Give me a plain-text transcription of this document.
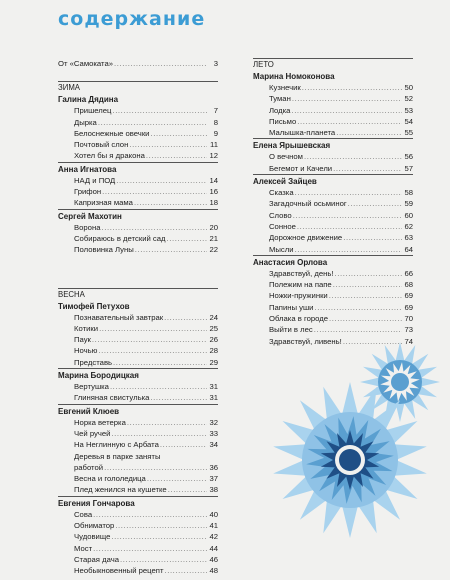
содержание
От «Самоката» .....	3
ЗИМА
Галина Дядина
Пришелец .....	7
Дырка .....	8
Белоснежные овечки .....	9
Почтовый слон .....	11
Хотел бы я дракона .....	12
Анна Игнатова
НАД и ПОД .....	14
Грифон .....	16
Капризная мама .....	18
Сергей Махотин
Ворона .....	20
Собираюсь в детский сад .....	21
Половинка Луны .....	22
ВЕСНА
Тимофей Петухов
Познавательный завтрак .....	24
Котики .....	25
Паук .....	26
Ночью .....	28
Представь .....	29
Марина Бородицкая
Вертушка .....	31
Глиняная свистулька .....	31
Евгений Клюев
Норка ветерка .....	32
Чей ручей .....	33
На Неглинную с Арбата .....	34
Деревья в парке заняты
работой .....	36
Весна и гололедица .....	37
Плед женился на кушетке .....	38
Евгения Гончарова
Сова .....	40
Обниматор .....	41
Чудовище .....	42
Мост .....	44
Старая дача .....	46
Необыкновенный рецепт .....	48
ЛЕТО
Марина Номоконова
Кузнечик .....	50
Туман .....	52
Лодка .....	53
Письмо .....	54
Малышка-планета .....	55
Елена Ярышевская
О вечном .....	56
Бегемот и Качели .....	57
Алексей Зайцев
Сказка .....	58
Загадочный осьминог .....	59
Слово .....	60
Сонное .....	62
Дорожное движение .....	63
Мысли .....	64
Анастасия Орлова
Здравствуй, день! .....	66
Полежим на папе .....	68
Ножки-пружинки .....	69
Папины уши .....	69
Облака в городе .....	70
Выйти в лес .....	73
Здравствуй, ливень! .....	74
